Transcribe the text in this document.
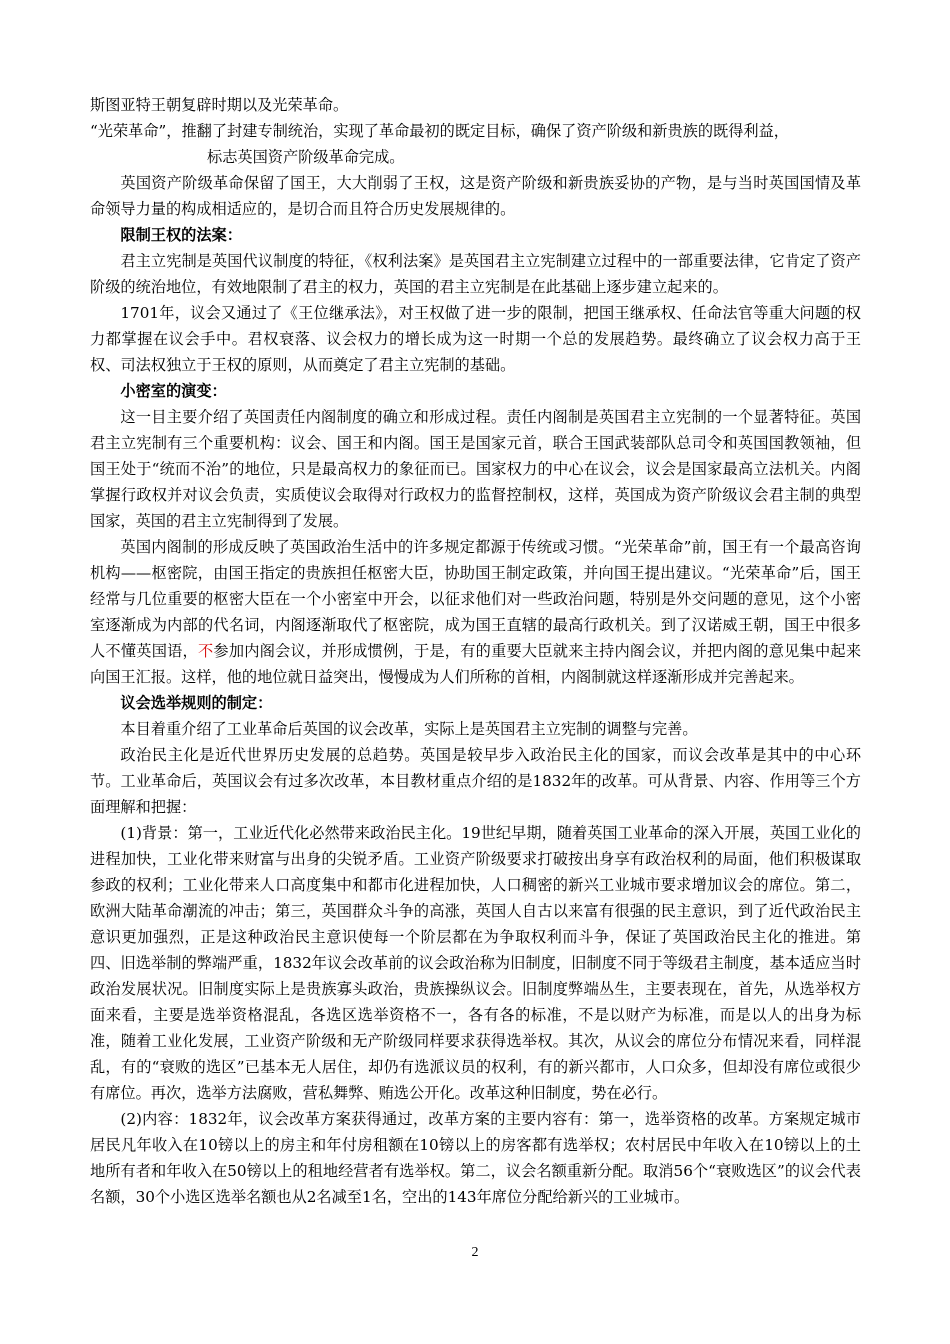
斯图亚特王朝复辟时期以及光荣革命。

“光荣革命”，推翻了封建专制统治，实现了革命最初的既定目标，确保了资产阶级和新贵族的既得利益，

标志英国资产阶级革命完成。

英国资产阶级革命保留了国王，大大削弱了王权，这是资产阶级和新贵族妥协的产物，是与当时英国国情及革命领导力量的构成相适应的，是切合而且符合历史发展规律的。

限制王权的法案：

君主立宪制是英国代议制度的特征，《权利法案》是英国君主立宪制建立过程中的一部重要法律，它肯定了资产阶级的统治地位，有效地限制了君主的权力，英国的君主立宪制是在此基础上逐步建立起来的。

1701年，议会又通过了《王位继承法》，对王权做了进一步的限制，把国王继承权、任命法官等重大问题的权力都掌握在议会手中。君权衰落、议会权力的增长成为这一时期一个总的发展趋势。最终确立了议会权力高于王权、司法权独立于王权的原则，从而奠定了君主立宪制的基础。

小密室的演变：

这一目主要介绍了英国责任内阁制度的确立和形成过程。责任内阁制是英国君主立宪制的一个显著特征。英国君主立宪制有三个重要机构：议会、国王和内阁。国王是国家元首，联合王国武装部队总司令和英国国教领袖，但国王处于“统而不治”的地位，只是最高权力的象征而已。国家权力的中心在议会，议会是国家最高立法机关。内阁掌握行政权并对议会负责，实质使议会取得对行政权力的监督控制权，这样，英国成为资产阶级议会君主制的典型国家，英国的君主立宪制得到了发展。

英国内阁制的形成反映了英国政治生活中的许多规定都源于传统或习惯。“光荣革命”前，国王有一个最高咨询机构——枢密院，由国王指定的贵族担任枢密大臣，协助国王制定政策，并向国王提出建议。“光荣革命”后，国王经常与几位重要的枢密大臣在一个小密室中开会，以征求他们对一些政治问题，特别是外交问题的意见，这个小密室逐渐成为内部的代名词，内阁逐渐取代了枢密院，成为国王直辖的最高行政机关。到了汉诺威王朝，国王中很多人不懂英国语，不参加内阁会议，并形成惯例，于是，有的重要大臣就来主持内阁会议，并把内阁的意见集中起来向国王汇报。这样，他的地位就日益突出，慢慢成为人们所称的首相，内阁制就这样逐渐形成并完善起来。

议会选举规则的制定：

本目着重介绍了工业革命后英国的议会改革，实际上是英国君主立宪制的调整与完善。

政治民主化是近代世界历史发展的总趋势。英国是较早步入政治民主化的国家，而议会改革是其中的中心环节。工业革命后，英国议会有过多次改革，本目教材重点介绍的是1832年的改革。可从背景、内容、作用等三个方面理解和把握：

(1)背景：第一，工业近代化必然带来政治民主化。19世纪早期，随着英国工业革命的深入开展，英国工业化的进程加快，工业化带来财富与出身的尖锐矛盾。工业资产阶级要求打破按出身享有政治权利的局面，他们积极谋取参政的权利；工业化带来人口高度集中和都市化进程加快，人口稠密的新兴工业城市要求增加议会的席位。第二，欧洲大陆革命潮流的冲击；第三，英国群众斗争的高涨，英国人自古以来富有很强的民主意识，到了近代政治民主意识更加强烈，正是这种政治民主意识使每一个阶层都在为争取权利而斗争，保证了英国政治民主化的推进。第四、旧选举制的弊端严重，1832年议会改革前的议会政治称为旧制度，旧制度不同于等级君主制度，基本适应当时政治发展状况。旧制度实际上是贵族寡头政治，贵族操纵议会。旧制度弊端丛生，主要表现在，首先，从选举权方面来看，主要是选举资格混乱，各选区选举资格不一，各有各的标准，不是以财产为标准，而是以人的出身为标准，随着工业化发展，工业资产阶级和无产阶级同样要求获得选举权。其次，从议会的席位分布情况来看，同样混乱，有的“衰败的选区”已基本无人居住，却仍有选派议员的权利，有的新兴都市，人口众多，但却没有席位或很少有席位。再次，选举方法腐败，营私舞弊、贿选公开化。改革这种旧制度，势在必行。

(2)内容：1832年，议会改革方案获得通过，改革方案的主要内容有：第一，选举资格的改革。方案规定城市居民凡年收入在10镑以上的房主和年付房租额在10镑以上的房客都有选举权；农村居民中年收入在10镑以上的土地所有者和年收入在50镑以上的租地经营者有选举权。第二，议会名额重新分配。取消56个“衰败选区”的议会代表名额，30个小选区选举名额也从2名减至1名，空出的143年席位分配给新兴的工业城市。

2
